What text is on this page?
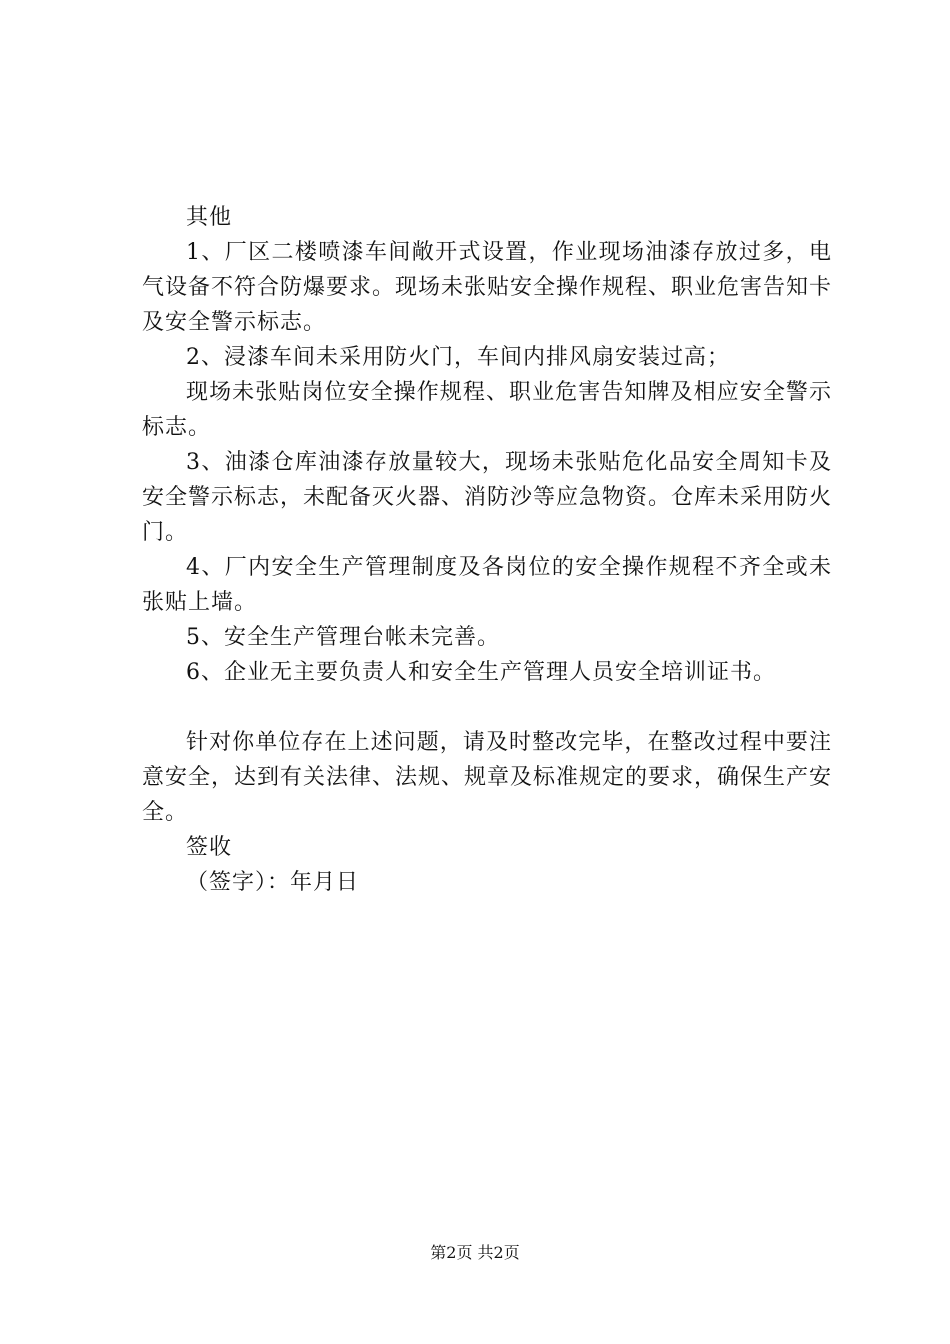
其他

1、厂区二楼喷漆车间敞开式设置，作业现场油漆存放过多，电气设备不符合防爆要求。现场未张贴安全操作规程、职业危害告知卡及安全警示标志。

2、浸漆车间未采用防火门，车间内排风扇安装过高；

现场未张贴岗位安全操作规程、职业危害告知牌及相应安全警示标志。

3、油漆仓库油漆存放量较大，现场未张贴危化品安全周知卡及安全警示标志，未配备灭火器、消防沙等应急物资。仓库未采用防火门。

4、厂内安全生产管理制度及各岗位的安全操作规程不齐全或未张贴上墙。

5、安全生产管理台帐未完善。

6、企业无主要负责人和安全生产管理人员安全培训证书。

针对你单位存在上述问题，请及时整改完毕，在整改过程中要注意安全，达到有关法律、法规、规章及标准规定的要求，确保生产安全。

签收

（签字）：年月日

第2页 共2页
